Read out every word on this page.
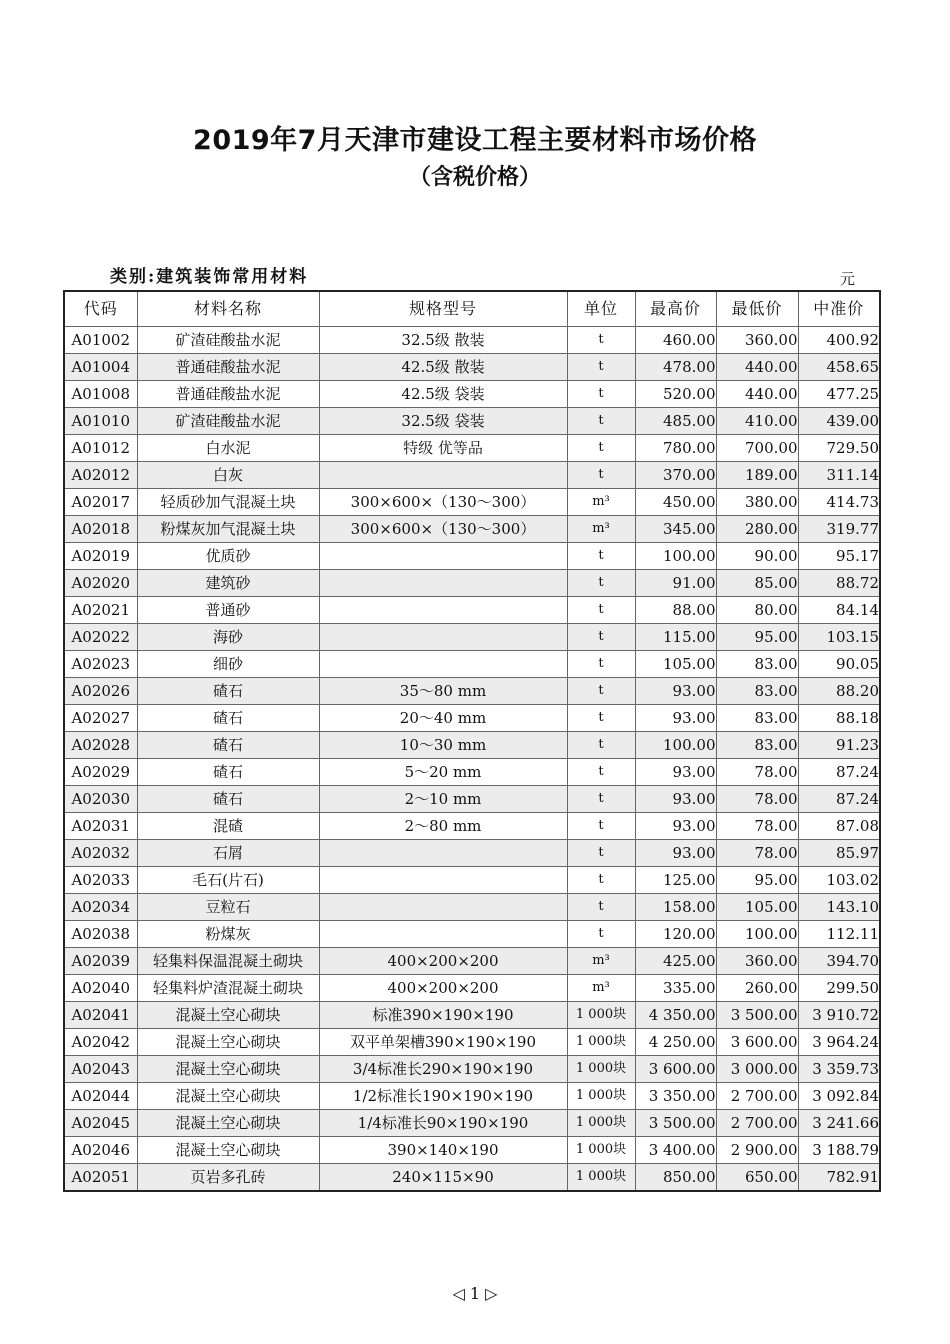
2019年7月天津市建设工程主要材料市场价格
（含税价格）
类别:建筑装饰常用材料	元
代码	材料名称	规格型号	单位	最高价	最低价	中准价
A01002	矿渣硅酸盐水泥	32.5级 散装	t	460.00	360.00	400.92
A01004	普通硅酸盐水泥	42.5级 散装	t	478.00	440.00	458.65
A01008	普通硅酸盐水泥	42.5级 袋装	t	520.00	440.00	477.25
A01010	矿渣硅酸盐水泥	32.5级 袋装	t	485.00	410.00	439.00
A01012	白水泥	特级 优等品	t	780.00	700.00	729.50
A02012	白灰		t	370.00	189.00	311.14
A02017	轻质砂加气混凝土块	300×600×（130～300）	m³	450.00	380.00	414.73
A02018	粉煤灰加气混凝土块	300×600×（130～300）	m³	345.00	280.00	319.77
A02019	优质砂		t	100.00	90.00	95.17
A02020	建筑砂		t	91.00	85.00	88.72
A02021	普通砂		t	88.00	80.00	84.14
A02022	海砂		t	115.00	95.00	103.15
A02023	细砂		t	105.00	83.00	90.05
A02026	碴石	35～80 mm	t	93.00	83.00	88.20
A02027	碴石	20～40 mm	t	93.00	83.00	88.18
A02028	碴石	10～30 mm	t	100.00	83.00	91.23
A02029	碴石	5～20 mm	t	93.00	78.00	87.24
A02030	碴石	2～10 mm	t	93.00	78.00	87.24
A02031	混碴	2～80 mm	t	93.00	78.00	87.08
A02032	石屑		t	93.00	78.00	85.97
A02033	毛石(片石)		t	125.00	95.00	103.02
A02034	豆粒石		t	158.00	105.00	143.10
A02038	粉煤灰		t	120.00	100.00	112.11
A02039	轻集料保温混凝土砌块	400×200×200	m³	425.00	360.00	394.70
A02040	轻集料炉渣混凝土砌块	400×200×200	m³	335.00	260.00	299.50
A02041	混凝土空心砌块	标准390×190×190	1 000块	4 350.00	3 500.00	3 910.72
A02042	混凝土空心砌块	双平单架槽390×190×190	1 000块	4 250.00	3 600.00	3 964.24
A02043	混凝土空心砌块	3/4标准长290×190×190	1 000块	3 600.00	3 000.00	3 359.73
A02044	混凝土空心砌块	1/2标准长190×190×190	1 000块	3 350.00	2 700.00	3 092.84
A02045	混凝土空心砌块	1/4标准长90×190×190	1 000块	3 500.00	2 700.00	3 241.66
A02046	混凝土空心砌块	390×140×190	1 000块	3 400.00	2 900.00	3 188.79
A02051	页岩多孔砖	240×115×90	1 000块	850.00	650.00	782.91
◁ 1 ▷
